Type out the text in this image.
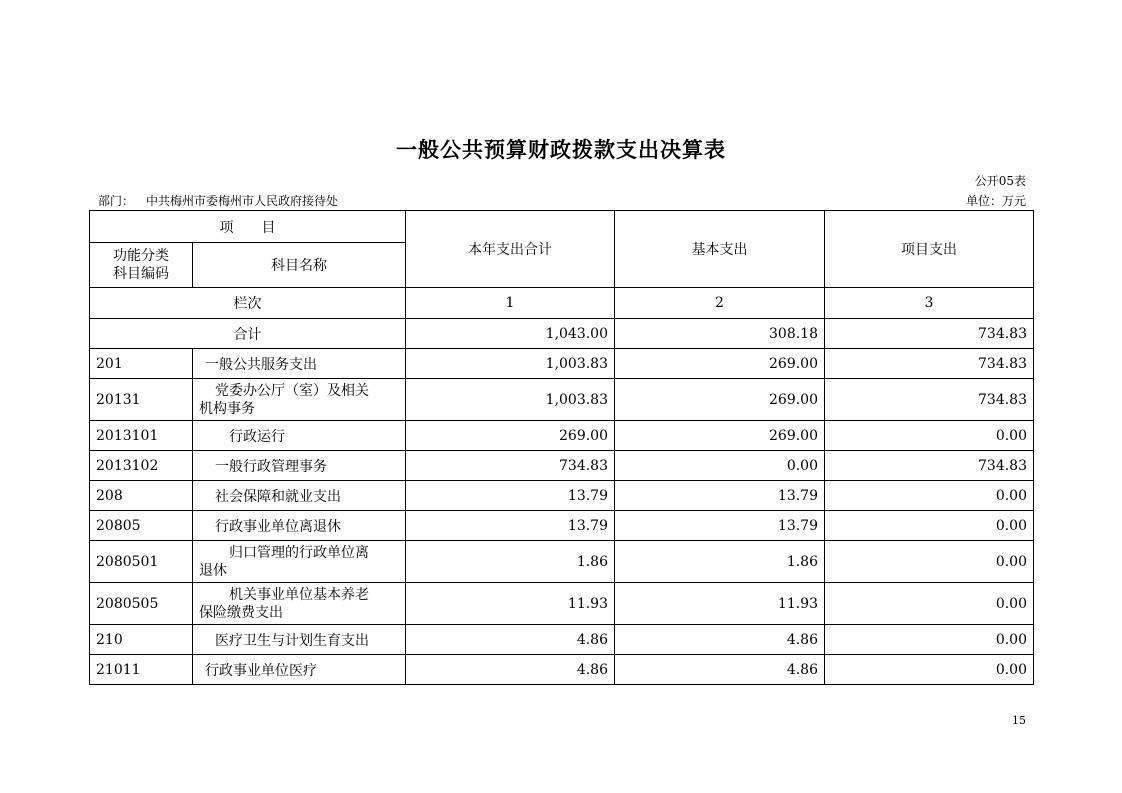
一般公共预算财政拨款支出决算表
公开05表
部门： 中共梅州市委梅州市人民政府接待处	单位：万元
项　　目		本年支出合计	基本支出	项目支出

功能分类
科目编码	科目名称			
栏次		1	2	3
合计		1,043.00	308.18	734.83
201	一般公共服务支出	1,003.83	269.00	734.83
20131	党委办公厅（室）及相关
机构事务	1,003.83	269.00	734.83
2013101	行政运行	269.00	269.00	0.00
2013102	一般行政管理事务	734.83	0.00	734.83
208	社会保障和就业支出	13.79	13.79	0.00
20805	行政事业单位离退休	13.79	13.79	0.00
2080501	归口管理的行政单位离
退休	1.86	1.86	0.00
2080505	机关事业单位基本养老
保险缴费支出	11.93	11.93	0.00
210	医疗卫生与计划生育支出	4.86	4.86	0.00
21011	行政事业单位医疗	4.86	4.86	0.00
15
